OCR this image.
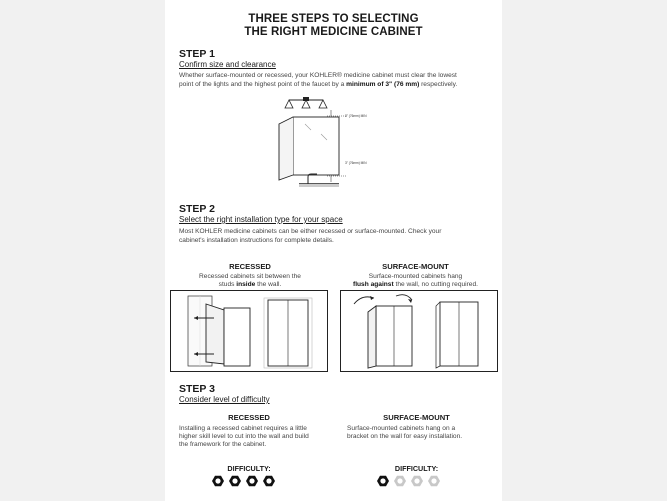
THREE STEPS TO SELECTING
THE RIGHT MEDICINE CABINET
STEP 1
Confirm size and clearance
Whether surface-mounted or recessed, your KOHLER® medicine cabinet must clear the lowest
point of the lights and the highest point of the faucet by a minimum of 3" (76 mm) respectively.
3" (76mm) MIN
3" (76mm) MIN
STEP 2
Select the right installation type for your space
Most KOHLER medicine cabinets can be either recessed or surface-mounted. Check your
cabinet's installation instructions for complete details.
RECESSED
Recessed cabinets sit between the
studs inside the wall.
SURFACE-MOUNT
Surface-mounted cabinets hang
flush against the wall, no cutting required.
STEP 3
Consider level of difficulty
RECESSED
Installing a recessed cabinet requires a little
higher skill level to cut into the wall and build
the framework for the cabinet.
SURFACE-MOUNT
Surface-mounted cabinets hang on a
bracket on the wall for easy installation.
DIFFICULTY:	DIFFICULTY:
